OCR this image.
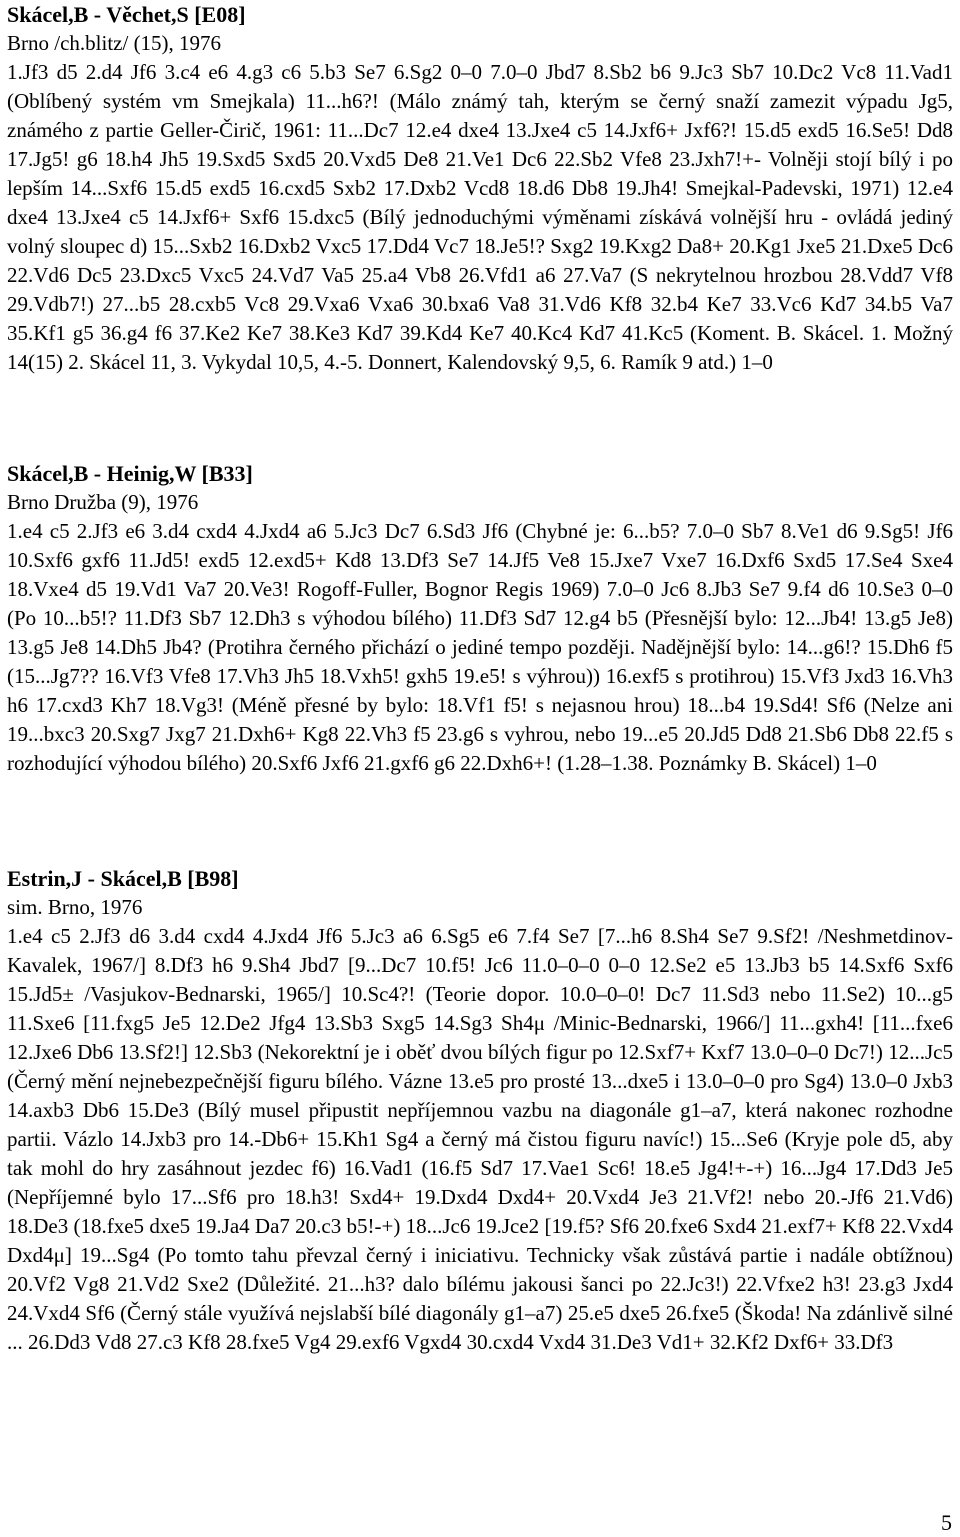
Skácel,B - Věchet,S [E08]

Brno /ch.blitz/ (15), 1976

1.Jf3 d5 2.d4 Jf6 3.c4 e6 4.g3 c6 5.b3 Se7 6.Sg2 0–0 7.0–0 Jbd7 8.Sb2 b6 9.Jc3 Sb7 10.Dc2 Vc8 11.Vad1 (Oblíbený systém vm Smejkala) 11...h6?! (Málo známý tah, kterým se černý snaží zamezit výpadu Jg5, známého z partie Geller-Čirič, 1961: 11...Dc7 12.e4 dxe4 13.Jxe4 c5 14.Jxf6+ Jxf6?! 15.d5 exd5 16.Se5! Dd8 17.Jg5! g6 18.h4 Jh5 19.Sxd5 Sxd5 20.Vxd5 De8 21.Ve1 Dc6 22.Sb2 Vfe8 23.Jxh7!+- Volněji stojí bílý i po lepším 14...Sxf6 15.d5 exd5 16.cxd5 Sxb2 17.Dxb2 Vcd8 18.d6 Db8 19.Jh4! Smejkal-Padevski, 1971) 12.e4 dxe4 13.Jxe4 c5 14.Jxf6+ Sxf6 15.dxc5 (Bílý jednoduchými výměnami získává volnější hru - ovládá jediný volný sloupec d) 15...Sxb2 16.Dxb2 Vxc5 17.Dd4 Vc7 18.Je5!? Sxg2 19.Kxg2 Da8+ 20.Kg1 Jxe5 21.Dxe5 Dc6 22.Vd6 Dc5 23.Dxc5 Vxc5 24.Vd7 Va5 25.a4 Vb8 26.Vfd1 a6 27.Va7 (S nekrytelnou hrozbou 28.Vdd7 Vf8 29.Vdb7!) 27...b5 28.cxb5 Vc8 29.Vxa6 Vxa6 30.bxa6 Va8 31.Vd6 Kf8 32.b4 Ke7 33.Vc6 Kd7 34.b5 Va7 35.Kf1 g5 36.g4 f6 37.Ke2 Ke7 38.Ke3 Kd7 39.Kd4 Ke7 40.Kc4 Kd7 41.Kc5 (Koment. B. Skácel. 1. Možný 14(15) 2. Skácel 11, 3. Vykydal 10,5, 4.-5. Donnert, Kalendovský 9,5, 6. Ramík 9 atd.) 1–0

Skácel,B - Heinig,W [B33]

Brno Družba (9), 1976

1.e4 c5 2.Jf3 e6 3.d4 cxd4 4.Jxd4 a6 5.Jc3 Dc7 6.Sd3 Jf6 (Chybné je: 6...b5? 7.0–0 Sb7 8.Ve1 d6 9.Sg5! Jf6 10.Sxf6 gxf6 11.Jd5! exd5 12.exd5+ Kd8 13.Df3 Se7 14.Jf5 Ve8 15.Jxe7 Vxe7 16.Dxf6 Sxd5 17.Se4 Sxe4 18.Vxe4 d5 19.Vd1 Va7 20.Ve3! Rogoff-Fuller, Bognor Regis 1969) 7.0–0 Jc6 8.Jb3 Se7 9.f4 d6 10.Se3 0–0 (Po 10...b5!? 11.Df3 Sb7 12.Dh3 s výhodou bílého) 11.Df3 Sd7 12.g4 b5 (Přesnější bylo: 12...Jb4! 13.g5 Je8) 13.g5 Je8 14.Dh5 Jb4? (Protihra černého přichází o jediné tempo později. Nadějnější bylo: 14...g6!? 15.Dh6 f5 (15...Jg7?? 16.Vf3 Vfe8 17.Vh3 Jh5 18.Vxh5! gxh5 19.e5! s výhrou)) 16.exf5 s protihrou) 15.Vf3 Jxd3 16.Vh3 h6 17.cxd3 Kh7 18.Vg3! (Méně přesné by bylo: 18.Vf1 f5! s nejasnou hrou) 18...b4 19.Sd4! Sf6 (Nelze ani 19...bxc3 20.Sxg7 Jxg7 21.Dxh6+ Kg8 22.Vh3 f5 23.g6 s vyhrou, nebo 19...e5 20.Jd5 Dd8 21.Sb6 Db8 22.f5 s rozhodující výhodou bílého) 20.Sxf6 Jxf6 21.gxf6 g6 22.Dxh6+! (1.28–1.38. Poznámky B. Skácel) 1–0

Estrin,J - Skácel,B [B98]

sim. Brno, 1976

1.e4 c5 2.Jf3 d6 3.d4 cxd4 4.Jxd4 Jf6 5.Jc3 a6 6.Sg5 e6 7.f4 Se7 [7...h6 8.Sh4 Se7 9.Sf2! /Neshmetdinov-Kavalek, 1967/] 8.Df3 h6 9.Sh4 Jbd7 [9...Dc7 10.f5! Jc6 11.0–0–0 0–0 12.Se2 e5 13.Jb3 b5 14.Sxf6 Sxf6 15.Jd5± /Vasjukov-Bednarski, 1965/] 10.Sc4?! (Teorie dopor. 10.0–0–0! Dc7 11.Sd3 nebo 11.Se2) 10...g5 11.Sxe6 [11.fxg5 Je5 12.De2 Jfg4 13.Sb3 Sxg5 14.Sg3 Sh4μ /Minic-Bednarski, 1966/] 11...gxh4! [11...fxe6 12.Jxe6 Db6 13.Sf2!] 12.Sb3 (Nekorektní je i oběť dvou bílých figur po 12.Sxf7+ Kxf7 13.0–0–0 Dc7!) 12...Jc5 (Černý mění nejnebezpečnější figuru bílého. Vázne 13.e5 pro prosté 13...dxe5 i 13.0–0–0 pro Sg4) 13.0–0 Jxb3 14.axb3 Db6 15.De3 (Bílý musel připustit nepříjemnou vazbu na diagonále g1–a7, která nakonec rozhodne partii. Vázlo 14.Jxb3 pro 14.-Db6+ 15.Kh1 Sg4 a černý má čistou figuru navíc!) 15...Se6 (Kryje pole d5, aby tak mohl do hry zasáhnout jezdec f6) 16.Vad1 (16.f5 Sd7 17.Vae1 Sc6! 18.e5 Jg4!+-+) 16...Jg4 17.Dd3 Je5 (Nepříjemné bylo 17...Sf6 pro 18.h3! Sxd4+ 19.Dxd4 Dxd4+ 20.Vxd4 Je3 21.Vf2! nebo 20.-Jf6 21.Vd6) 18.De3 (18.fxe5 dxe5 19.Ja4 Da7 20.c3 b5!-+) 18...Jc6 19.Jce2 [19.f5? Sf6 20.fxe6 Sxd4 21.exf7+ Kf8 22.Vxd4 Dxd4μ] 19...Sg4 (Po tomto tahu převzal černý i iniciativu. Technicky však zůstává partie i nadále obtížnou) 20.Vf2 Vg8 21.Vd2 Sxe2 (Důležité. 21...h3? dalo bílému jakousi šanci po 22.Jc3!) 22.Vfxe2 h3! 23.g3 Jxd4 24.Vxd4 Sf6 (Černý stále využívá nejslabší bílé diagonály g1–a7) 25.e5 dxe5 26.fxe5 (Škoda! Na zdánlivě silné ... 26.Dd3 Vd8 27.c3 Kf8 28.fxe5 Vg4 29.exf6 Vgxd4 30.cxd4 Vxd4 31.De3 Vd1+ 32.Kf2 Dxf6+ 33.Df3

5
